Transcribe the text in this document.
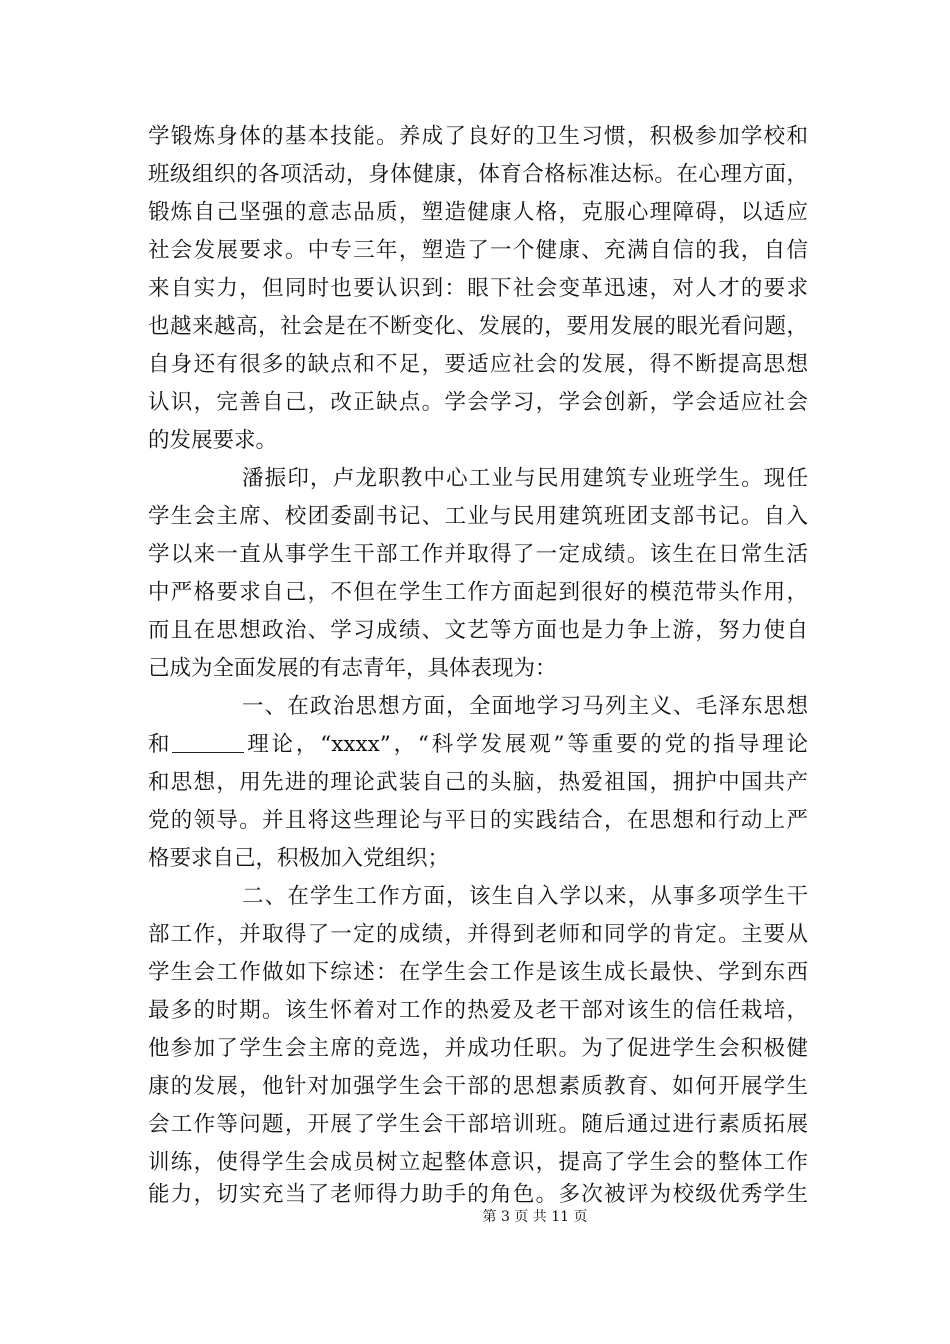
学锻炼身体的基本技能。养成了良好的卫生习惯，积极参加学校和
班级组织的各项活动，身体健康，体育合格标准达标。在心理方面，
锻炼自己坚强的意志品质，塑造健康人格，克服心理障碍，以适应
社会发展要求。中专三年，塑造了一个健康、充满自信的我，自信
来自实力，但同时也要认识到：眼下社会变革迅速，对人才的要求
也越来越高，社会是在不断变化、发展的，要用发展的眼光看问题，
自身还有很多的缺点和不足，要适应社会的发展，得不断提高思想
认识，完善自己，改正缺点。学会学习，学会创新，学会适应社会
的发展要求。
潘振印，卢龙职教中心工业与民用建筑专业班学生。现任
学生会主席、校团委副书记、工业与民用建筑班团支部书记。自入
学以来一直从事学生干部工作并取得了一定成绩。该生在日常生活
中严格要求自己，不但在学生工作方面起到很好的模范带头作用，
而且在思想政治、学习成绩、文艺等方面也是力争上游，努力使自
己成为全面发展的有志青年，具体表现为：
一、在政治思想方面，全面地学习马列主义、毛泽东思想
和	理论，“xxxx”，“科学发展观”等重要的党的指导理论
和思想，用先进的理论武装自己的头脑，热爱祖国，拥护中国共产
党的领导。并且将这些理论与平日的实践结合，在思想和行动上严
格要求自己，积极加入党组织；
二、在学生工作方面，该生自入学以来，从事多项学生干
部工作，并取得了一定的成绩，并得到老师和同学的肯定。主要从
学生会工作做如下综述：在学生会工作是该生成长最快、学到东西
最多的时期。该生怀着对工作的热爱及老干部对该生的信任栽培，
他参加了学生会主席的竞选，并成功任职。为了促进学生会积极健
康的发展，他针对加强学生会干部的思想素质教育、如何开展学生
会工作等问题，开展了学生会干部培训班。随后通过进行素质拓展
训练，使得学生会成员树立起整体意识，提高了学生会的整体工作
能力，切实充当了老师得力助手的角色。多次被评为校级优秀学生
第 3 页 共 11 页
